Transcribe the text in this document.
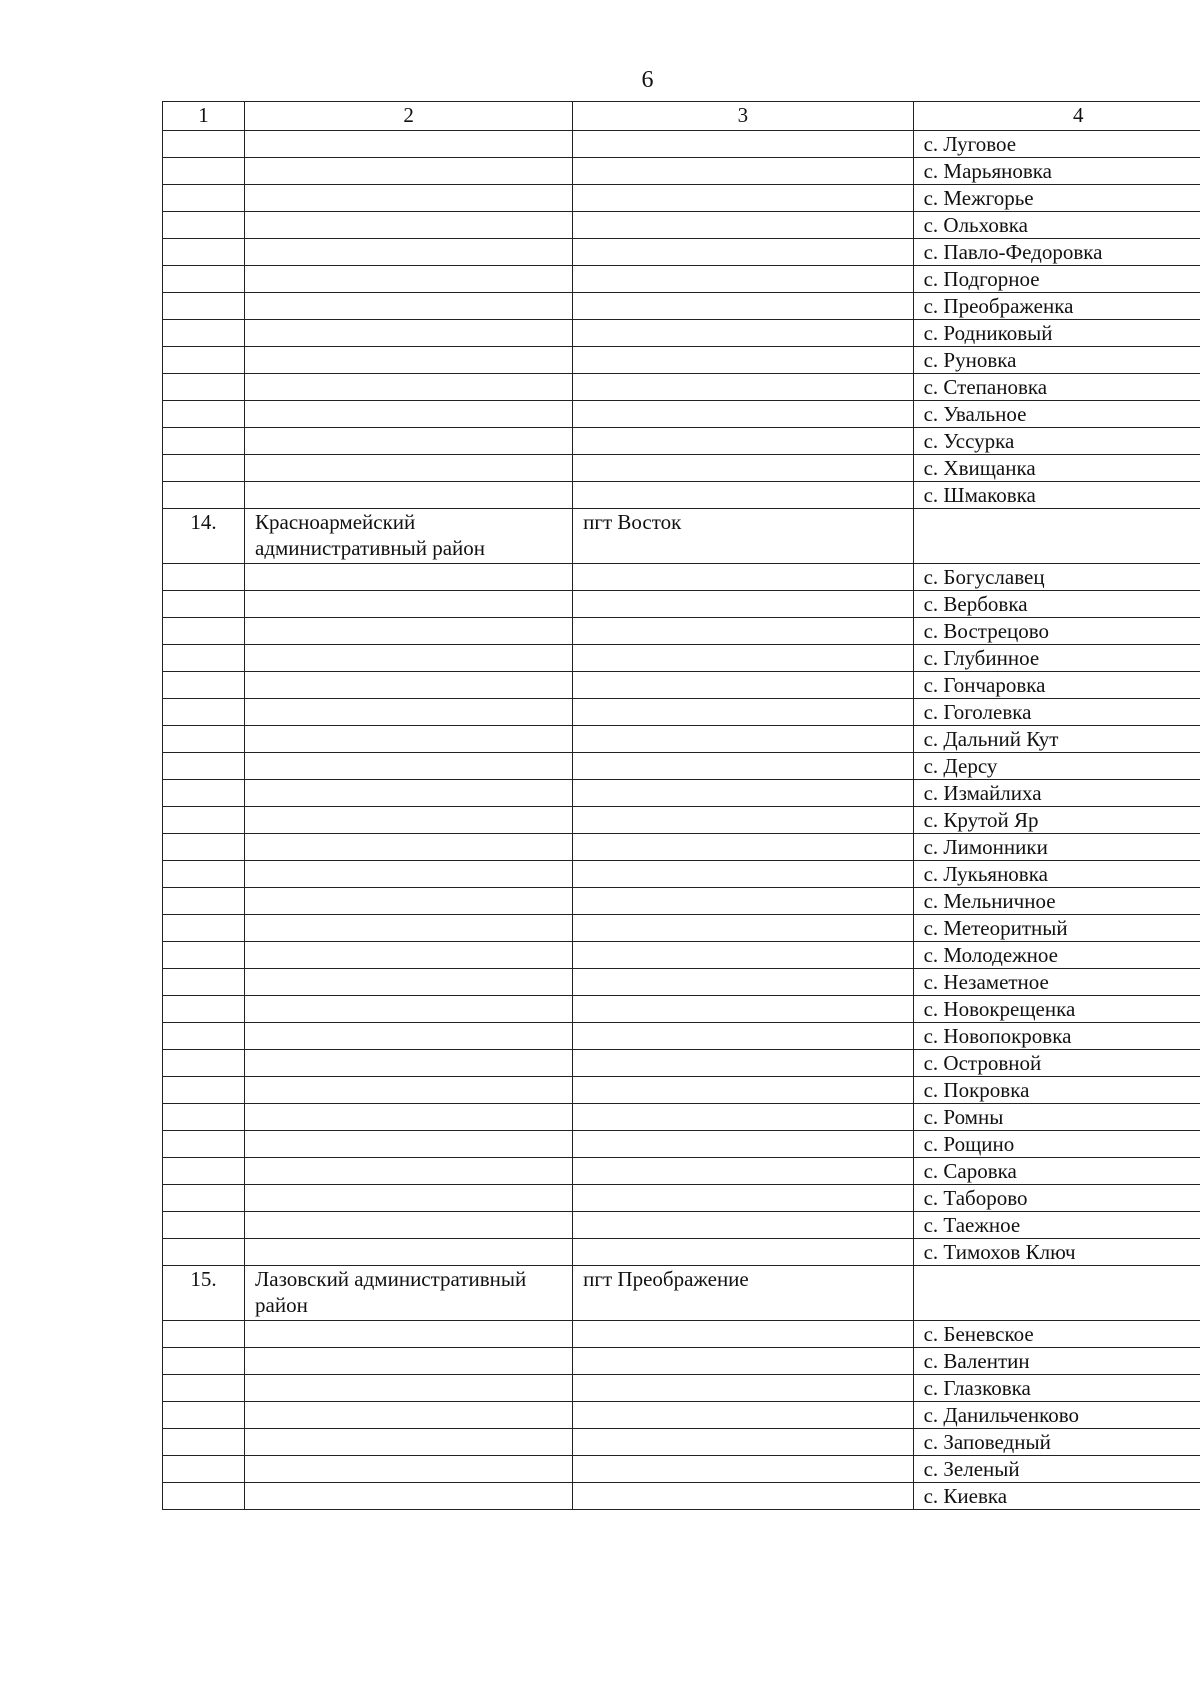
6
1	2	3	4
			с. Луговое
			с. Марьяновка
			с. Межгорье
			с. Ольховка
			с. Павло-Федоровка
			с. Подгорное
			с. Преображенка
			с. Родниковый
			с. Руновка
			с. Степановка
			с. Увальное
			с. Уссурка
			с. Хвищанка
			с. Шмаковка
14.	Красноармейский административный район	пгт Восток	
			с. Богуславец
			с. Вербовка
			с. Вострецово
			с. Глубинное
			с. Гончаровка
			с. Гоголевка
			с. Дальний Кут
			с. Дерсу
			с. Измайлиха
			с. Крутой Яр
			с. Лимонники
			с. Лукьяновка
			с. Мельничное
			с. Метеоритный
			с. Молодежное
			с. Незаметное
			с. Новокрещенка
			с. Новопокровка
			с. Островной
			с. Покровка
			с. Ромны
			с. Рощино
			с. Саровка
			с. Таборово
			с. Таежное
			с. Тимохов Ключ
15.	Лазовский административный район	пгт Преображение	
			с. Беневское
			с. Валентин
			с. Глазковка
			с. Данильченково
			с. Заповедный
			с. Зеленый
			с. Киевка
